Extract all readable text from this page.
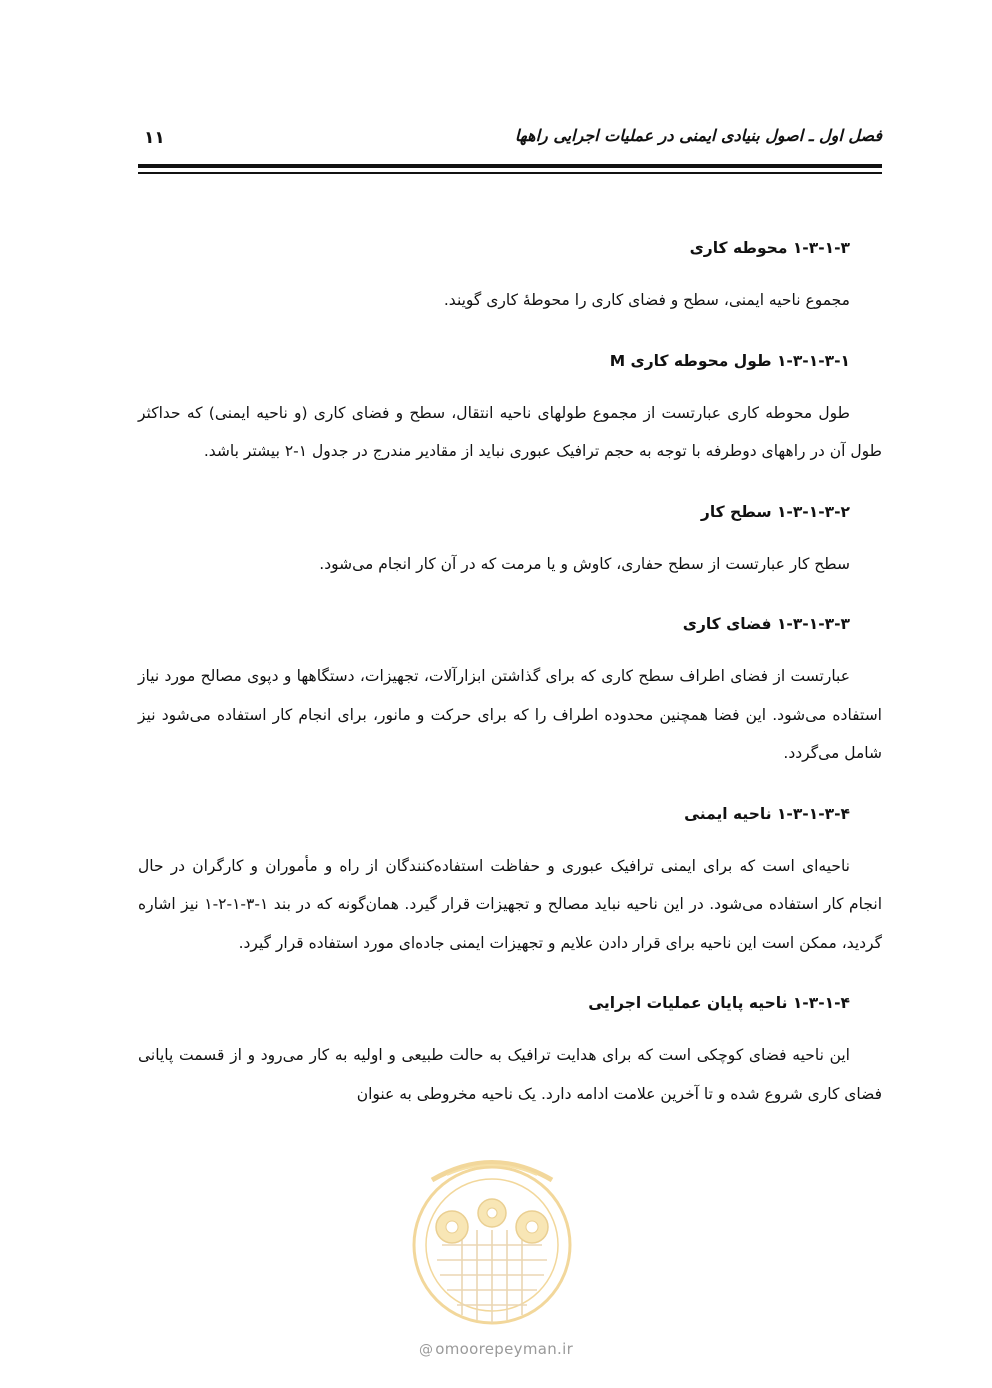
فصل اول ـ اصول بنیادی ایمنی در عملیات اجرایی راهها
۱۱
۱-۳-۱-۳ محوطه کاری

مجموع ناحیه ایمنی، سطح و فضای کاری را محوطۀ کاری گویند.

۱-۳-۱-۳-۱ طول محوطه کاری M

طول محوطه کاری عبارتست از مجموع طولهای ناحیه انتقال، سطح و فضای کاری (و ناحیه ایمنی) که حداکثر طول آن در راههای دوطرفه با توجه به حجم ترافیک عبوری نباید از مقادیر مندرج در جدول ۱-۲ بیشتر باشد.

۱-۳-۱-۳-۲ سطح کار

سطح کار عبارتست از سطح حفاری، کاوش و یا مرمت که در آن کار انجام می‌شود.

۱-۳-۱-۳-۳ فضای کاری

عبارتست از فضای اطراف سطح کاری که برای گذاشتن ابزارآلات، تجهیزات، دستگاهها و دپوی مصالح مورد نیاز استفاده می‌شود. این فضا همچنین محدوده اطراف را که برای حرکت و مانور، برای انجام کار استفاده می‌شود نیز شامل می‌گردد.

۱-۳-۱-۳-۴ ناحیه ایمنی

ناحیه‌ای است که برای ایمنی ترافیک عبوری و حفاظت استفاده‌کنندگان از راه و مأموران و کارگران در حال انجام کار استفاده می‌شود. در این ناحیه نباید مصالح و تجهیزات قرار گیرد. همان‌گونه که در بند ۱-۳-۱-۲-۱ نیز اشاره گردید، ممکن است این ناحیه برای قرار دادن علایم و تجهیزات ایمنی جاده‌ای مورد استفاده قرار گیرد.

۱-۳-۱-۴ ناحیه پایان عملیات اجرایی

این ناحیه فضای کوچکی است که برای هدایت ترافیک به حالت طبیعی و اولیه به کار می‌رود و از قسمت پایانی فضای کاری شروع شده و تا آخرین علامت ادامه دارد. یک ناحیه مخروطی به عنوان

@ omoorepeyman.ir
